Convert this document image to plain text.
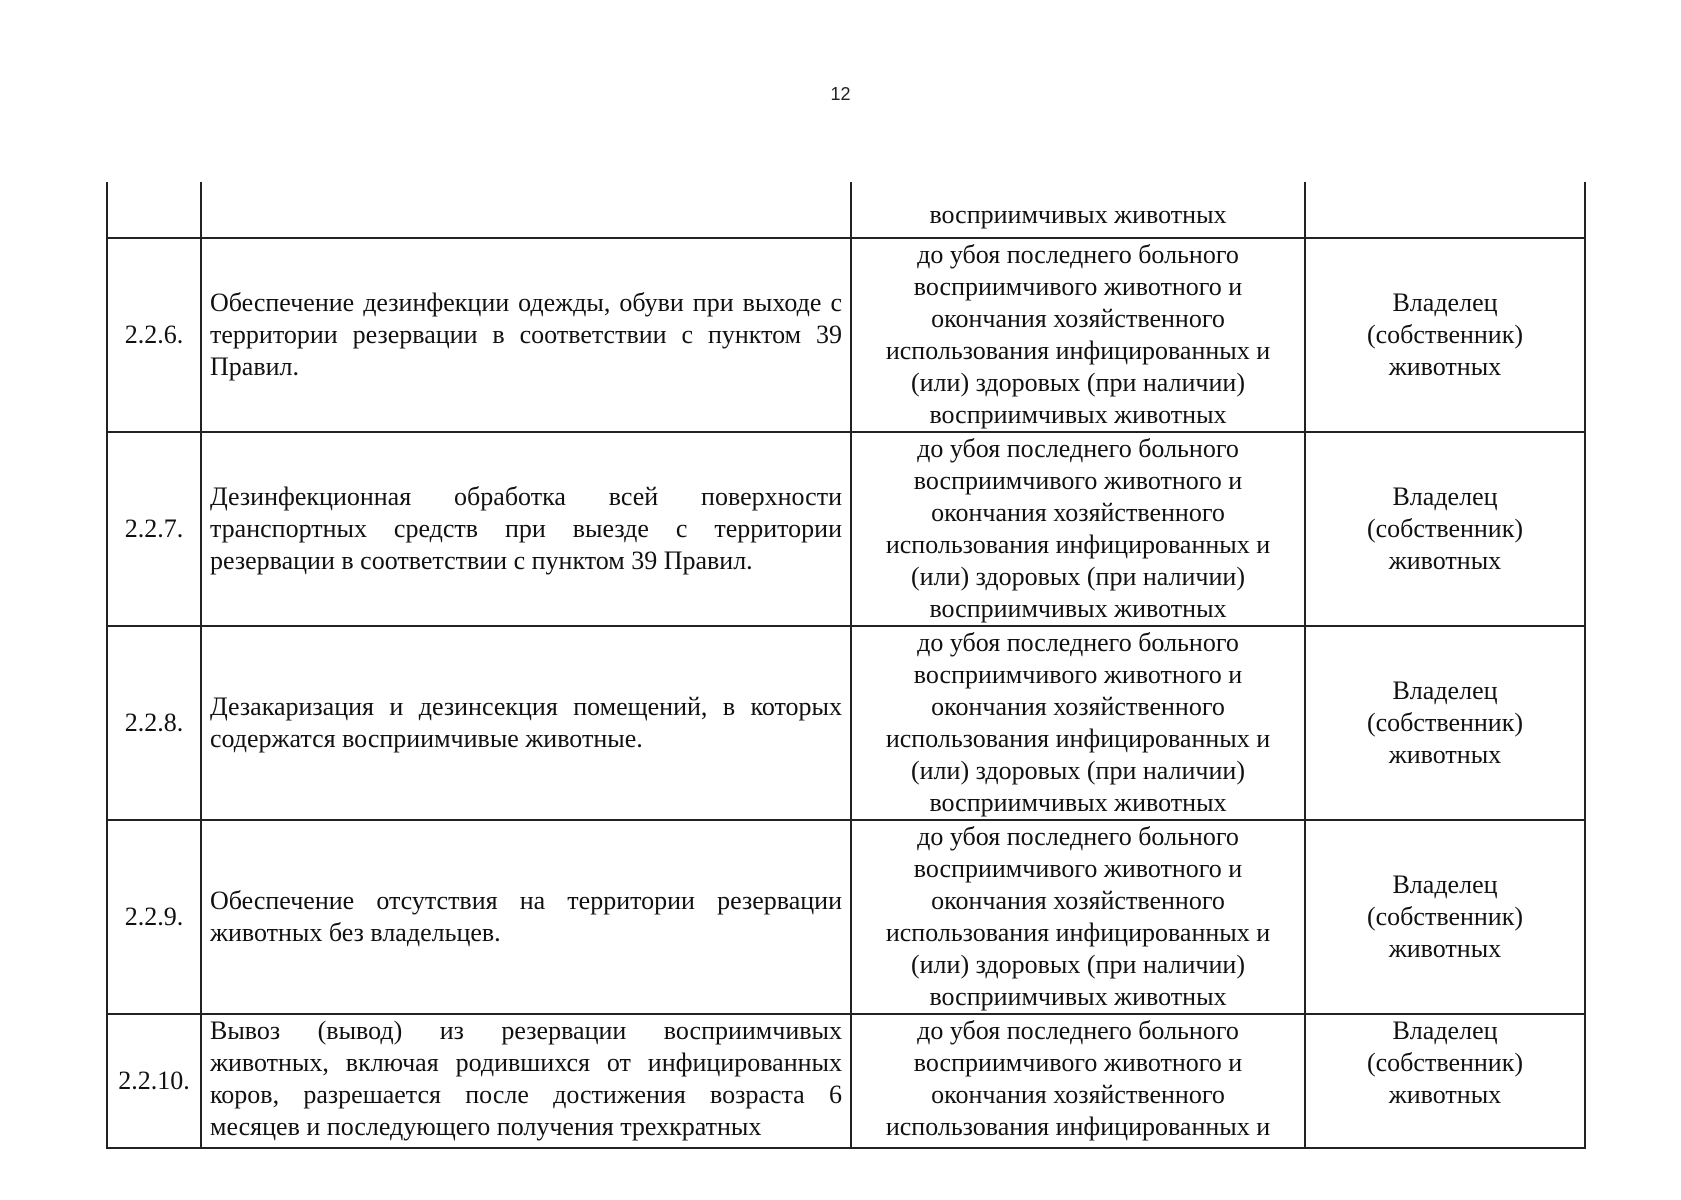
12
		восприимчивых животных	
2.2.6.	Обеспечение дезинфекции одежды, обуви при выходе с территории резервации в соответствии с пунктом 39 Правил.	до убоя последнего больного восприимчивого животного и окончания хозяйственного использования инфицированных и (или) здоровых (при наличии) восприимчивых животных	Владелец (собственник) животных
2.2.7.	Дезинфекционная обработка всей поверхности транспортных средств при выезде с территории резервации в соответствии с пунктом 39 Правил.	до убоя последнего больного восприимчивого животного и окончания хозяйственного использования инфицированных и (или) здоровых (при наличии) восприимчивых животных	Владелец (собственник) животных
2.2.8.	Дезакаризация и дезинсекция помещений, в которых содержатся восприимчивые животные.	до убоя последнего больного восприимчивого животного и окончания хозяйственного использования инфицированных и (или) здоровых (при наличии) восприимчивых животных	Владелец (собственник) животных
2.2.9.	Обеспечение отсутствия на территории резервации животных без владельцев.	до убоя последнего больного восприимчивого животного и окончания хозяйственного использования инфицированных и (или) здоровых (при наличии) восприимчивых животных	Владелец (собственник) животных
2.2.10.	Вывоз (вывод) из резервации восприимчивых животных, включая родившихся от инфицированных коров, разрешается после достижения возраста 6 месяцев и последующего получения трехкратных	до убоя последнего больного восприимчивого животного и окончания хозяйственного использования инфицированных и	Владелец (собственник) животных
